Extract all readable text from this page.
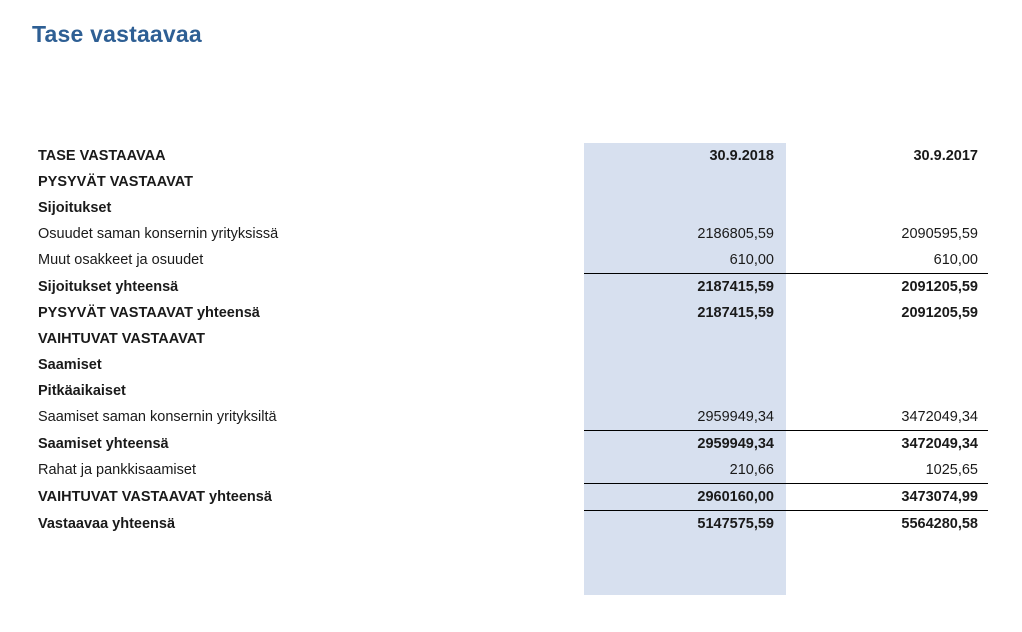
Tase vastaavaa
TASE VASTAAVAA	30.9.2018	30.9.2017
PYSYVÄT VASTAAVAT		
Sijoitukset		
Osuudet saman konsernin yrityksissä	2186805,59	2090595,59
Muut osakkeet ja osuudet	610,00	610,00
Sijoitukset yhteensä	2187415,59	2091205,59
PYSYVÄT VASTAAVAT yhteensä	2187415,59	2091205,59
VAIHTUVAT VASTAAVAT		
Saamiset		
Pitkäaikaiset		
Saamiset saman konsernin yrityksiltä	2959949,34	3472049,34
Saamiset yhteensä	2959949,34	3472049,34
Rahat ja pankkisaamiset	210,66	1025,65
VAIHTUVAT VASTAAVAT yhteensä	2960160,00	3473074,99
Vastaavaa yhteensä	5147575,59	5564280,58
